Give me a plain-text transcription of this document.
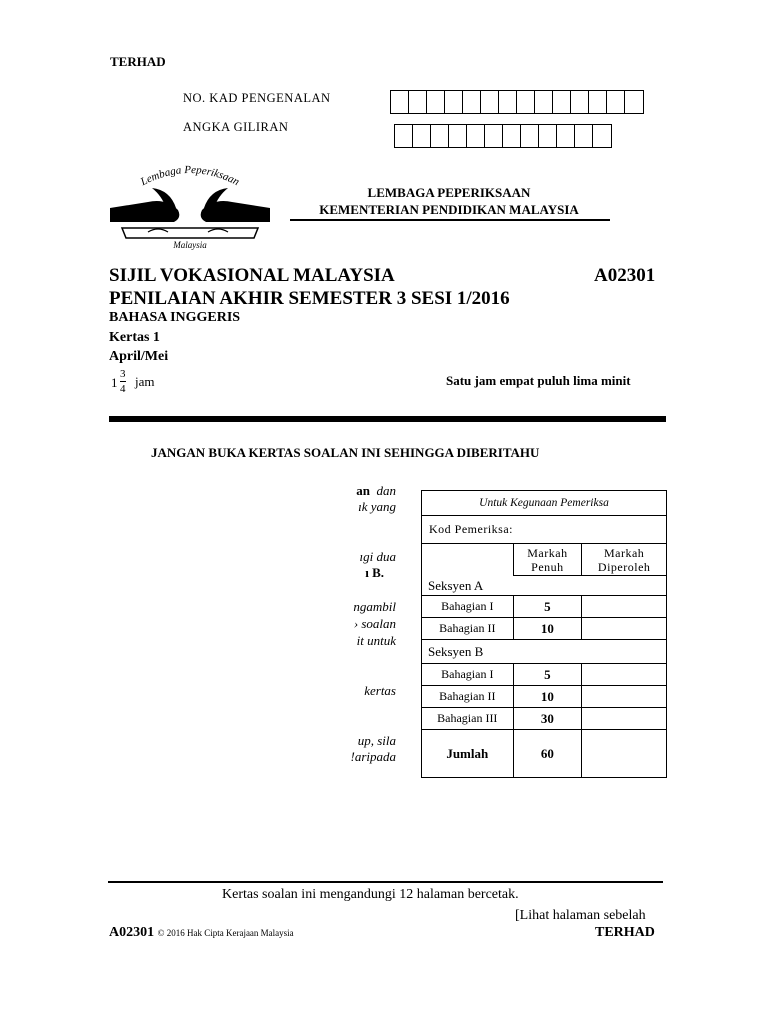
TERHAD
NO. KAD PENGENALAN
ANGKA GILIRAN
Lembaga Peperiksaan
Malaysia
LEMBAGA PEPERIKSAAN
KEMENTERIAN PENDIDIKAN MALAYSIA
SIJIL VOKASIONAL MALAYSIA	A02301
PENILAIAN AKHIR SEMESTER 3 SESI 1/2016
BAHASA INGGERIS
Kertas 1
April/Mei
1
3
4 jam	Satu jam empat puluh lima minit
JANGAN BUKA KERTAS SOALAN INI SEHINGGA DIBERITAHU
an dan
ık yang
ıgi dua
ı B.
ngambil
› soalan
it untuk
kertas
up, sila
!aripada
Untuk Kegunaan Pemeriksa		
Kod Pemeriksa:		
	Markah Penuh	Markah Diperoleh
Seksyen A		
Bahagian I	5	
Bahagian II	10	
Seksyen B		
Bahagian I	5	
Bahagian II	10	
Bahagian III	30	
Jumlah	60	
Kertas soalan ini mengandungi 12 halaman bercetak.
[Lihat halaman sebelah
A02301 © 2016 Hak Cipta Kerajaan Malaysia	TERHAD
